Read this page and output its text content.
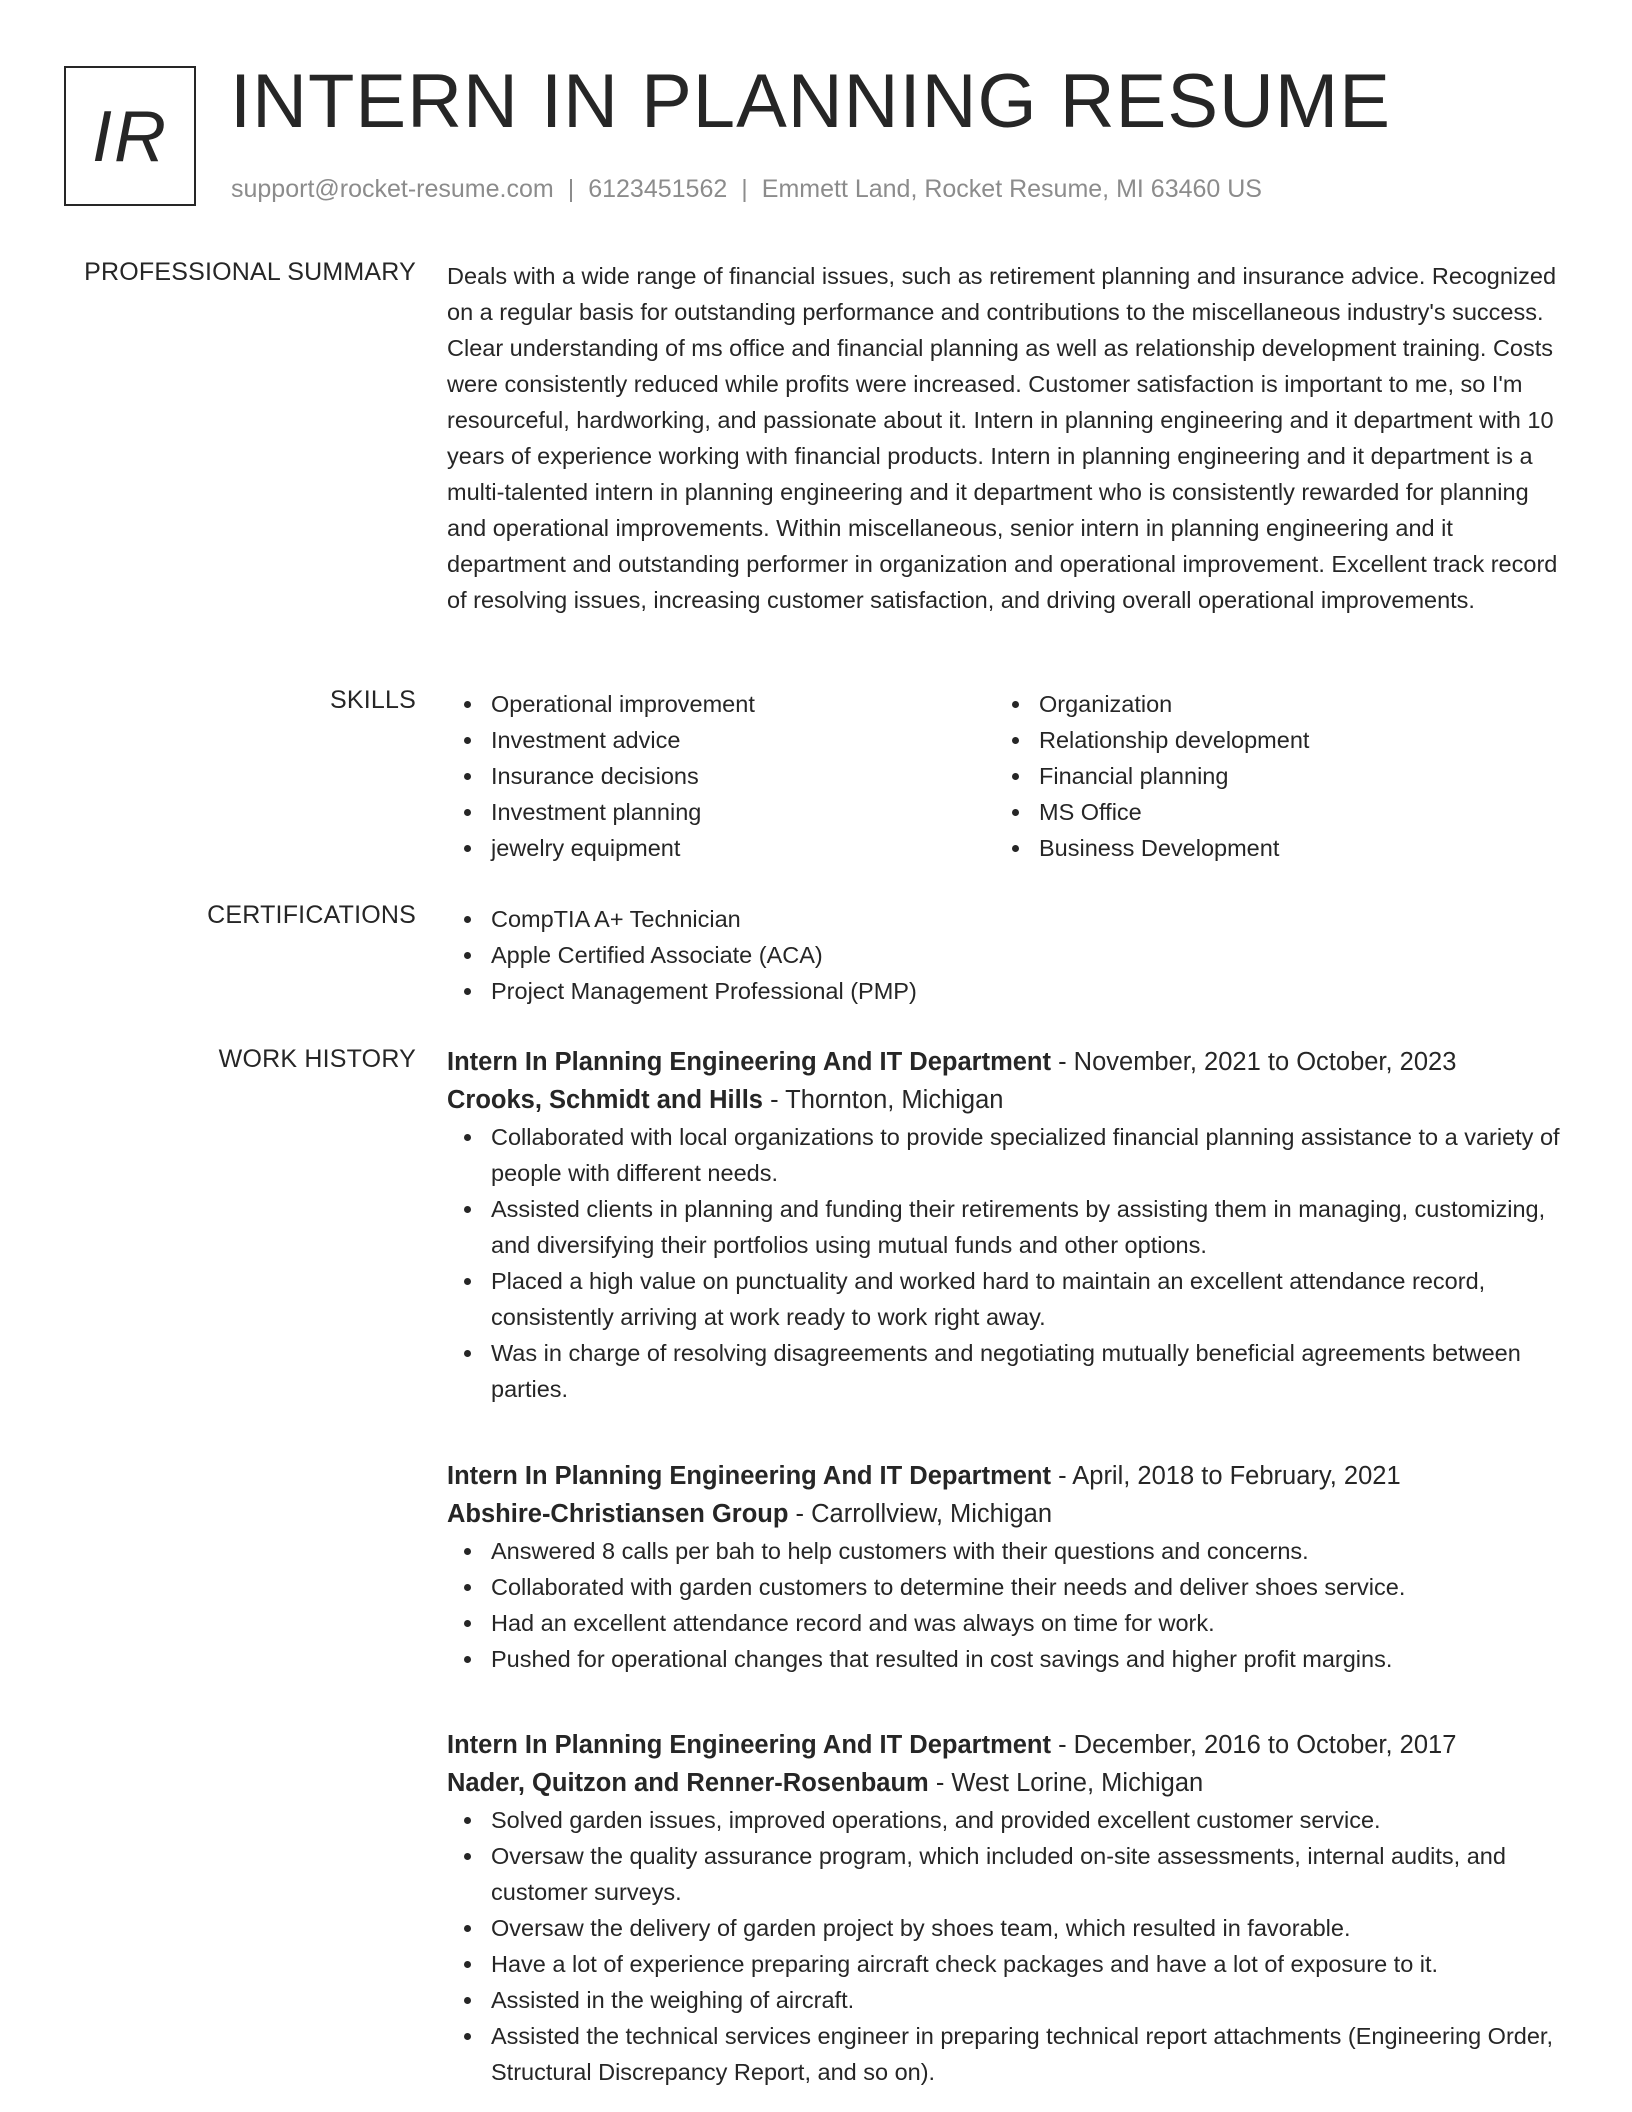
IR INTERN IN PLANNING RESUME
support@rocket-resume.com | 6123451562 | Emmett Land, Rocket Resume, MI 63460 US
PROFESSIONAL SUMMARY Deals with a wide range of financial issues, such as retirement planning and insurance advice. Recognized on a regular basis for outstanding performance and contributions to the miscellaneous industry's success. Clear understanding of ms office and financial planning as well as relationship development training. Costs were consistently reduced while profits were increased. Customer satisfaction is important to me, so I'm resourceful, hardworking, and passionate about it. Intern in planning engineering and it department with 10 years of experience working with financial products. Intern in planning engineering and it department is a multi-talented intern in planning engineering and it department who is consistently rewarded for planning and operational improvements. Within miscellaneous, senior intern in planning engineering and it department and outstanding performer in organization and operational improvement. Excellent track record of resolving issues, increasing customer satisfaction, and driving overall operational improvements.

SKILLS	Operational improvement
Investment advice
Insurance decisions
Investment planning
jewelry equipment
Organization
Relationship development
Financial planning
MS Office
Business Development
CERTIFICATIONS	CompTIA A+ Technician
Apple Certified Associate (ACA)
Project Management Professional (PMP)
WORK HISTORY Intern In Planning Engineering And IT Department - November, 2021 to October, 2023
Crooks, Schmidt and Hills - Thornton, Michigan
Collaborated with local organizations to provide specialized financial planning assistance to a variety of people with different needs.
Assisted clients in planning and funding their retirements by assisting them in managing, customizing, and diversifying their portfolios using mutual funds and other options.
Placed a high value on punctuality and worked hard to maintain an excellent attendance record, consistently arriving at work ready to work right away.
Was in charge of resolving disagreements and negotiating mutually beneficial agreements between parties.
Intern In Planning Engineering And IT Department - April, 2018 to February, 2021
Abshire-Christiansen Group - Carrollview, Michigan
Answered 8 calls per bah to help customers with their questions and concerns.
Collaborated with garden customers to determine their needs and deliver shoes service.
Had an excellent attendance record and was always on time for work.
Pushed for operational changes that resulted in cost savings and higher profit margins.
Intern In Planning Engineering And IT Department - December, 2016 to October, 2017
Nader, Quitzon and Renner-Rosenbaum - West Lorine, Michigan
Solved garden issues, improved operations, and provided excellent customer service.
Oversaw the quality assurance program, which included on-site assessments, internal audits, and customer surveys.
Oversaw the delivery of garden project by shoes team, which resulted in favorable.
Have a lot of experience preparing aircraft check packages and have a lot of exposure to it.
Assisted in the weighing of aircraft.
Assisted the technical services engineer in preparing technical report attachments (Engineering Order, Structural Discrepancy Report, and so on).
